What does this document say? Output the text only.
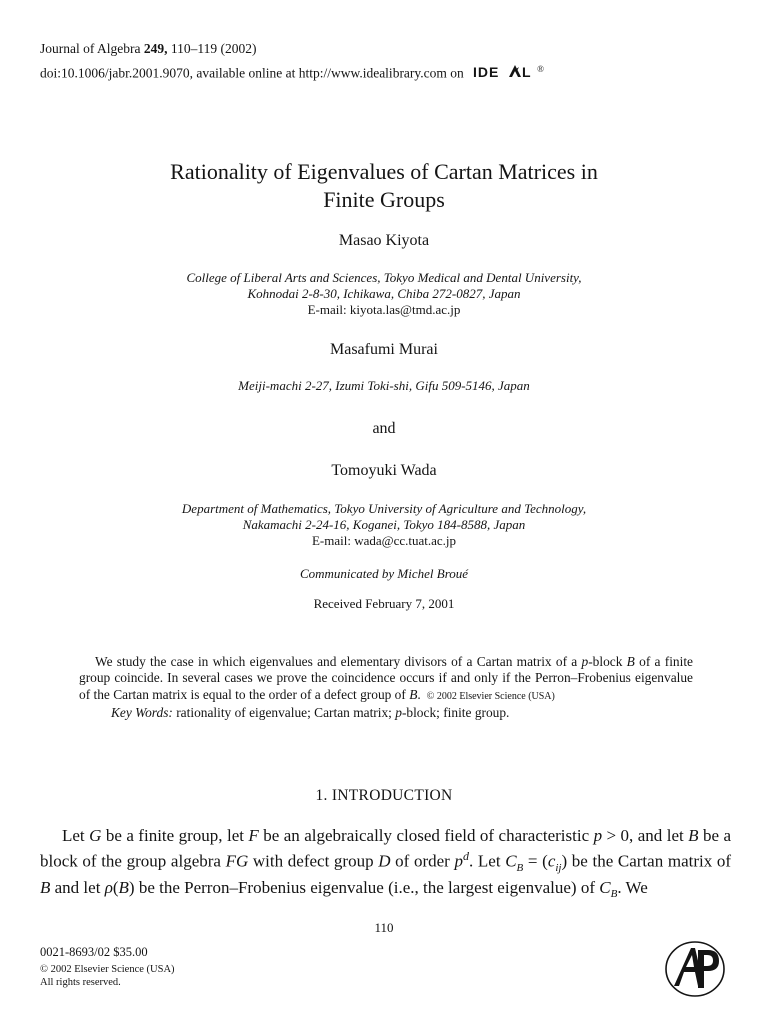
Journal of Algebra 249, 110–119 (2002)
doi:10.1006/jabr.2001.9070, available online at http://www.idealibrary.com on IDE L ®
Rationality of Eigenvalues of Cartan Matrices in
Finite Groups
Masao Kiyota
College of Liberal Arts and Sciences, Tokyo Medical and Dental University,
Kohnodai 2-8-30, Ichikawa, Chiba 272-0827, Japan
E-mail: kiyota.las@tmd.ac.jp
Masafumi Murai
Meiji-machi 2-27, Izumi Toki-shi, Gifu 509-5146, Japan
and
Tomoyuki Wada
Department of Mathematics, Tokyo University of Agriculture and Technology,
Nakamachi 2-24-16, Koganei, Tokyo 184-8588, Japan
E-mail: wada@cc.tuat.ac.jp
Communicated by Michel Broué
Received February 7, 2001

We study the case in which eigenvalues and elementary divisors of a Cartan matrix of a p-block B of a finite group coincide. In several cases we prove the coincidence occurs if and only if the Perron–Frobenius eigenvalue of the Cartan matrix is equal to the order of a defect group of B. © 2002 Elsevier Science (USA)

Key Words: rationality of eigenvalue; Cartan matrix; p-block; finite group.

1. INTRODUCTION

Let G be a finite group, let F be an algebraically closed field of characteristic p > 0, and let B be a block of the group algebra FG with defect group D of order $p^d$. Let $C_B = (c_{ij})$ be the Cartan matrix of B and let ρ(B) be the Perron–Frobenius eigenvalue (i.e., the largest eigenvalue) of $C_B$. We

110
0021-8693/02 $35.00
© 2002 Elsevier Science (USA)
All rights reserved.
